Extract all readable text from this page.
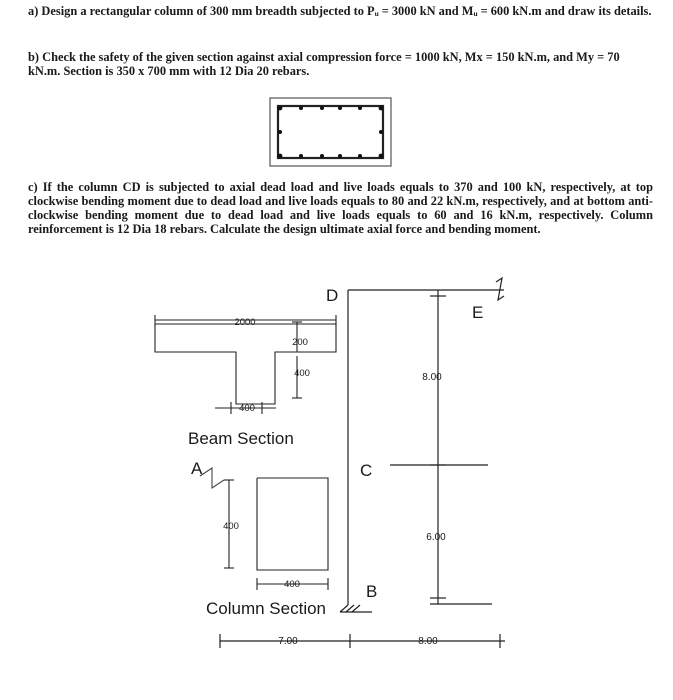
a) Design a rectangular column of 300 mm breadth subjected to Pᵤ = 3000 kN and Mᵤ = 600 kN.m and draw its details.
b) Check the safety of the given section against axial compression force = 1000 kN, Mx = 150 kN.m, and My = 70 kN.m. Section is 350 x 700 mm with 12 Dia 20 rebars.
c) If the column CD is subjected to axial dead load and live loads equals to 370 and 100 kN, respectively, at top clockwise bending moment due to dead load and live loads equals to 80 and 22 kN.m, respectively, and at bottom anti-clockwise bending moment due to dead load and live loads equals to 60 and 16 kN.m, respectively. Column reinforcement is 12 Dia 18 rebars. Calculate the design ultimate axial force and bending moment.
2000
200
400
400
Beam Section
A
400
400
Column Section
D
E
C
B
8.00
6.00
7.00	8.00
